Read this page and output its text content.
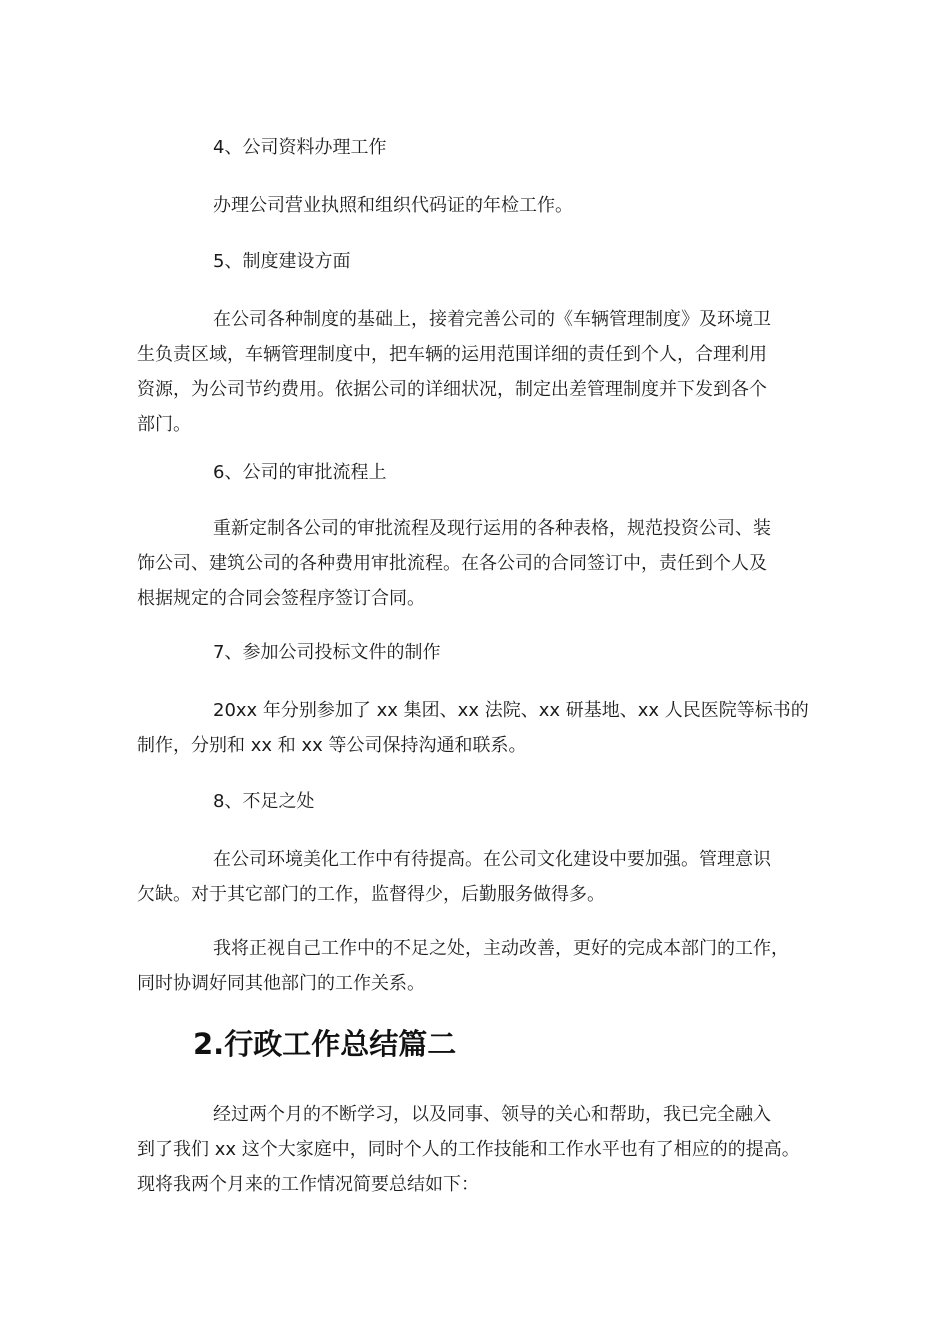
4、公司资料办理工作

办理公司营业执照和组织代码证的年检工作。

5、制度建设方面

在公司各种制度的基础上，接着完善公司的《车辆管理制度》及环境卫
生负责区域，车辆管理制度中，把车辆的运用范围详细的责任到个人，合理利用
资源，为公司节约费用。依据公司的详细状况，制定出差管理制度并下发到各个
部门。

6、公司的审批流程上

重新定制各公司的审批流程及现行运用的各种表格，规范投资公司、装
饰公司、建筑公司的各种费用审批流程。在各公司的合同签订中，责任到个人及
根据规定的合同会签程序签订合同。

7、参加公司投标文件的制作

20xx 年分别参加了 xx 集团、xx 法院、xx 研基地、xx 人民医院等标书的
制作，分别和 xx 和 xx 等公司保持沟通和联系。

8、不足之处

在公司环境美化工作中有待提高。在公司文化建设中要加强。管理意识
欠缺。对于其它部门的工作，监督得少，后勤服务做得多。

我将正视自己工作中的不足之处，主动改善，更好的完成本部门的工作，
同时协调好同其他部门的工作关系。

2.行政工作总结篇二

经过两个月的不断学习，以及同事、领导的关心和帮助，我已完全融入
到了我们 xx 这个大家庭中，同时个人的工作技能和工作水平也有了相应的的提高。
现将我两个月来的工作情况简要总结如下：
